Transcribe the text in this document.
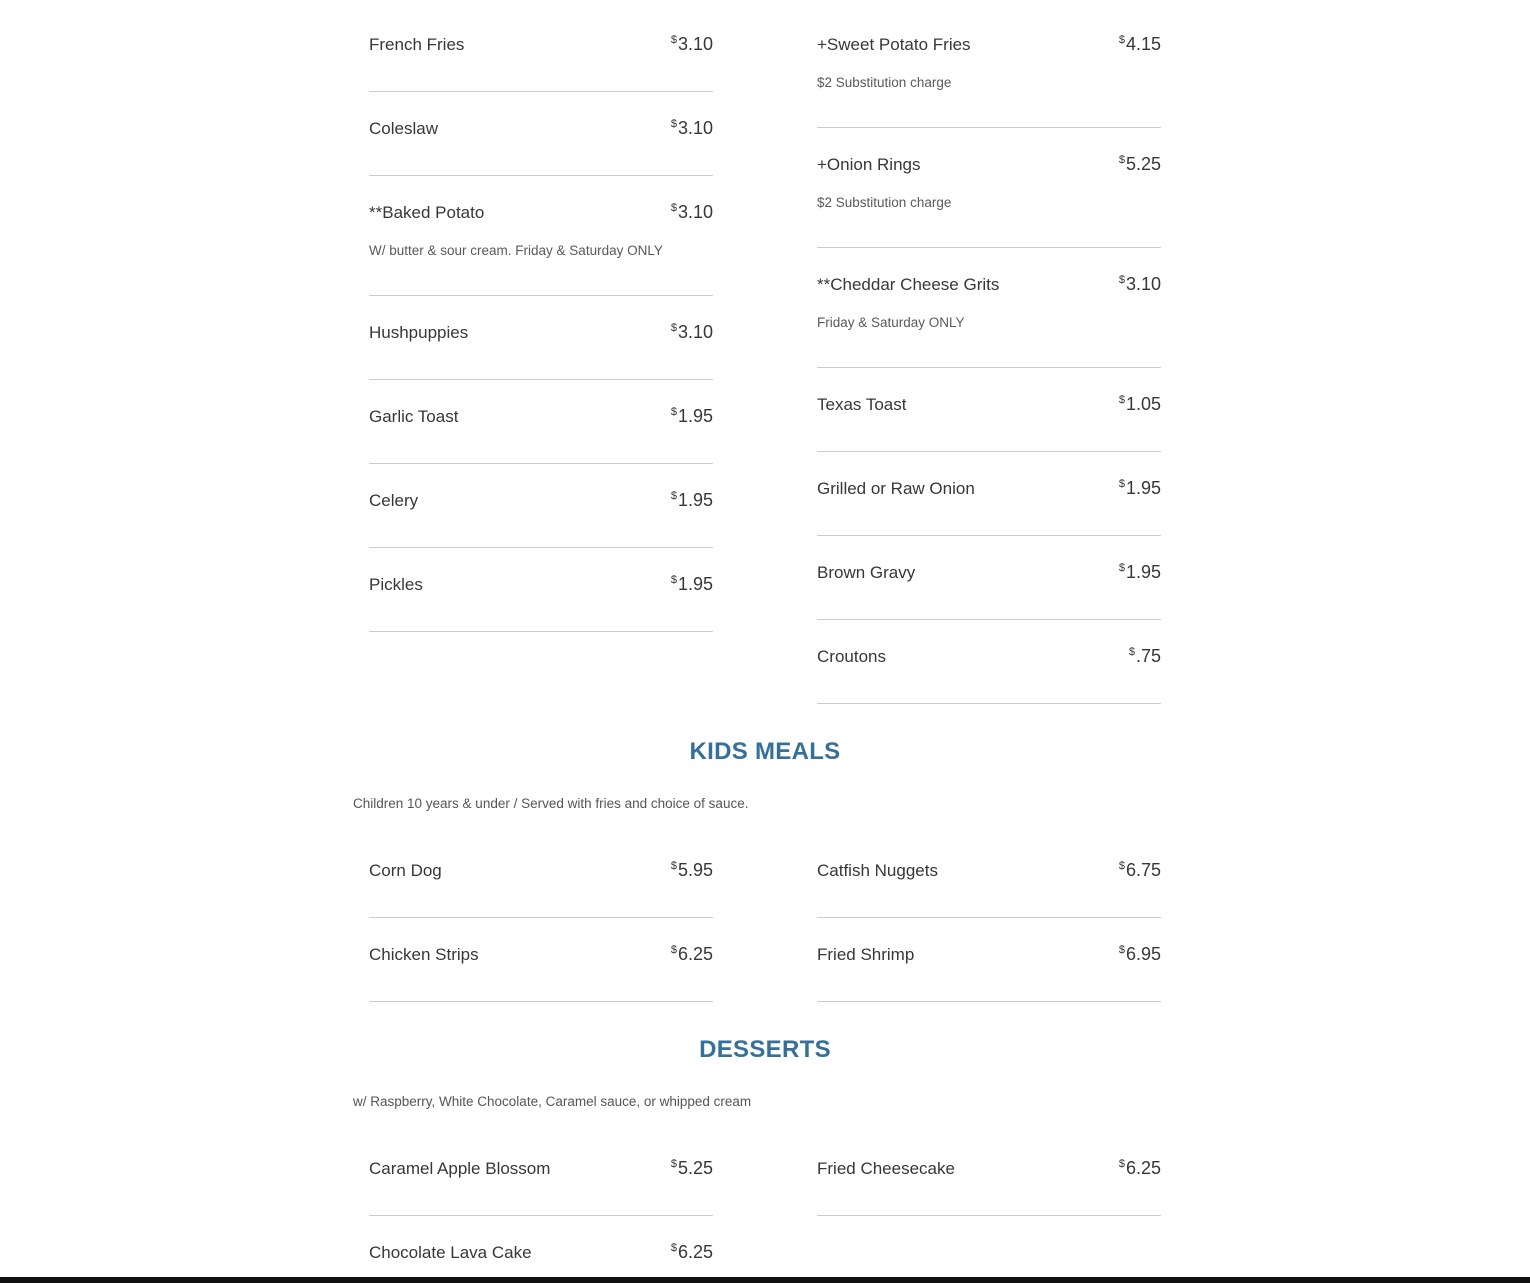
French Fries	$3.10
Coleslaw	$3.10
**Baked Potato	$3.10
W/ butter & sour cream. Friday & Saturday ONLY
Hushpuppies	$3.10
Garlic Toast	$1.95
Celery	$1.95
Pickles	$1.95
+Sweet Potato Fries	$4.15
$2 Substitution charge
+Onion Rings	$5.25
$2 Substitution charge
**Cheddar Cheese Grits	$3.10
Friday & Saturday ONLY
Texas Toast	$1.05
Grilled or Raw Onion	$1.95
Brown Gravy	$1.95
Croutons	$.75
KIDS MEALS
Children 10 years & under / Served with fries and choice of sauce.
Corn Dog	$5.95
Chicken Strips	$6.25
Catfish Nuggets	$6.75
Fried Shrimp	$6.95
DESSERTS
w/ Raspberry, White Chocolate, Caramel sauce, or whipped cream
Caramel Apple Blossom	$5.25
Chocolate Lava Cake	$6.25
Fried Cheesecake	$6.25
